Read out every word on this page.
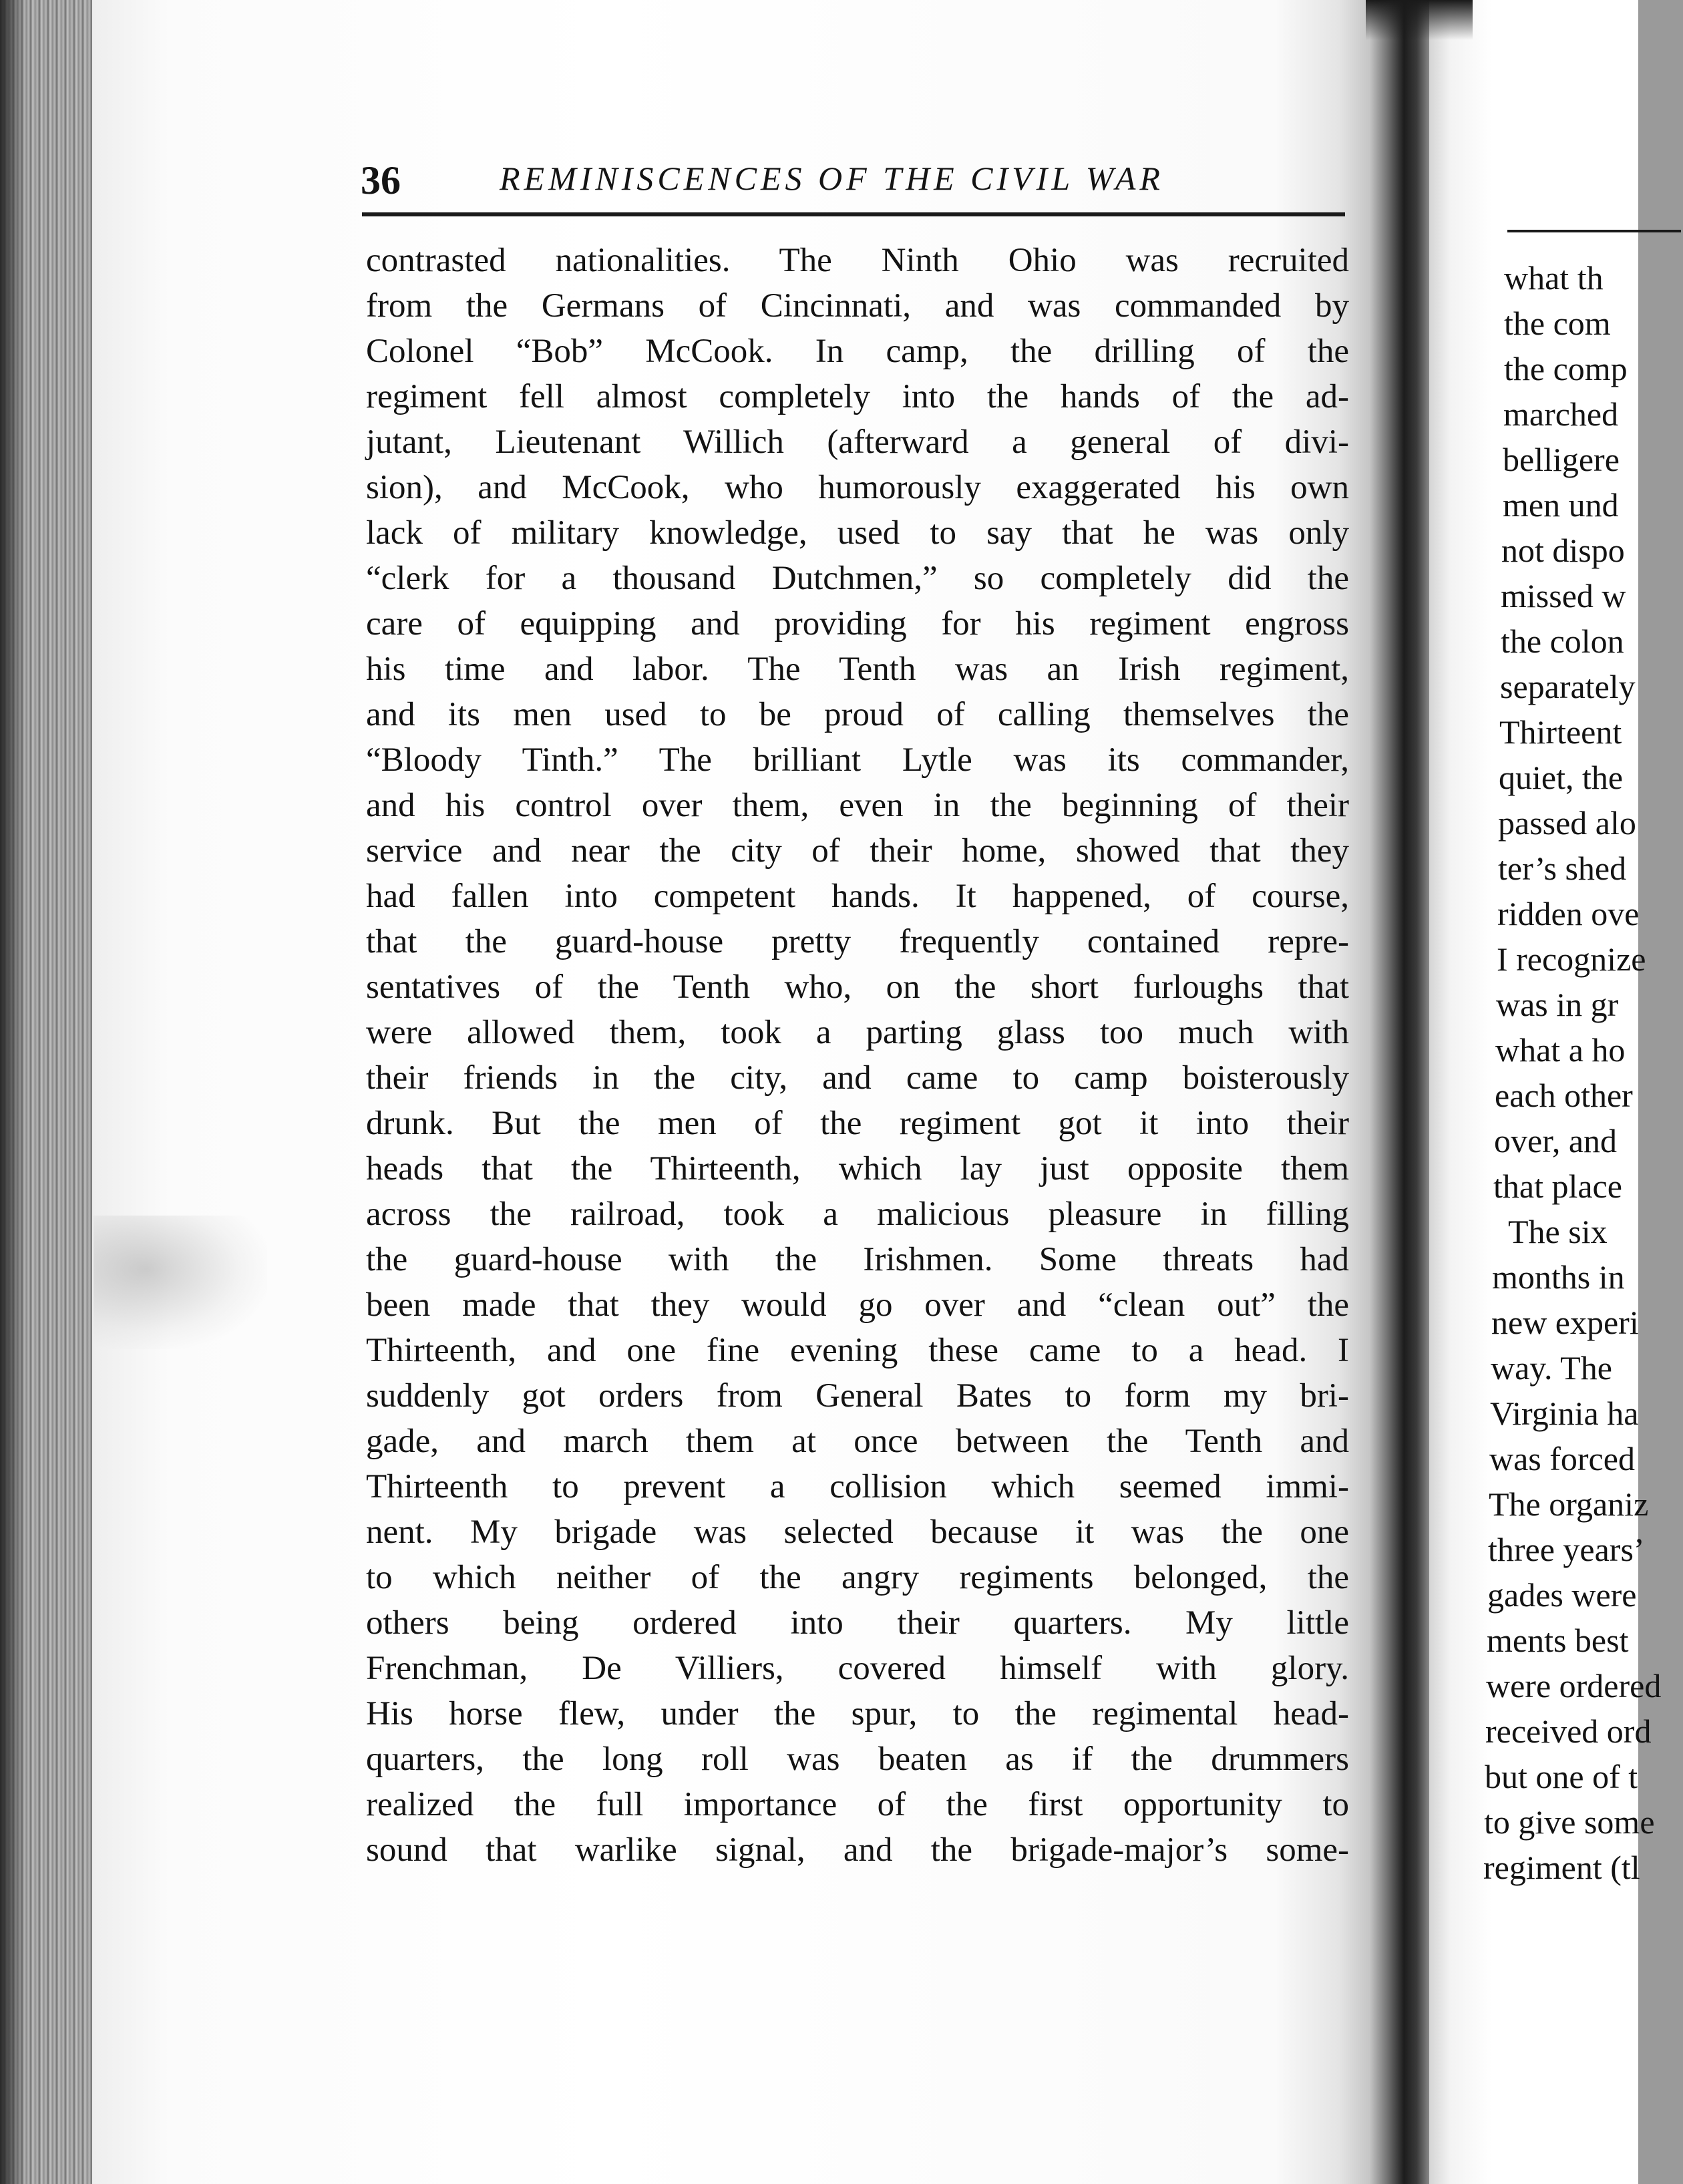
36	REMINISCENCES OF THE CIVIL WAR
contrasted nationalities. The Ninth Ohio was recruited
from the Germans of Cincinnati, and was commanded by
Colonel “Bob” McCook. In camp, the drilling of the
regiment fell almost completely into the hands of the ad-
jutant, Lieutenant Willich (afterward a general of divi-
sion), and McCook, who humorously exaggerated his own
lack of military knowledge, used to say that he was only
“clerk for a thousand Dutchmen,” so completely did the
care of equipping and providing for his regiment engross
his time and labor. The Tenth was an Irish regiment,
and its men used to be proud of calling themselves the
“Bloody Tinth.” The brilliant Lytle was its commander,
and his control over them, even in the beginning of their
service and near the city of their home, showed that they
had fallen into competent hands. It happened, of course,
that the guard-house pretty frequently contained repre-
sentatives of the Tenth who, on the short furloughs that
were allowed them, took a parting glass too much with
their friends in the city, and came to camp boisterously
drunk. But the men of the regiment got it into their
heads that the Thirteenth, which lay just opposite them
across the railroad, took a malicious pleasure in filling
the guard-house with the Irishmen. Some threats had
been made that they would go over and “clean out” the
Thirteenth, and one fine evening these came to a head. I
suddenly got orders from General Bates to form my bri-
gade, and march them at once between the Tenth and
Thirteenth to prevent a collision which seemed immi-
nent. My brigade was selected because it was the one
to which neither of the angry regiments belonged, the
others being ordered into their quarters. My little
Frenchman, De Villiers, covered himself with glory.
His horse flew, under the spur, to the regimental head-
quarters, the long roll was beaten as if the drummers
realized the full importance of the first opportunity to
sound that warlike signal, and the brigade-major’s some-
what th
the com
the comp
marched
belligere
men und
not dispo
missed w
the colon
separately
Thirteent
quiet, the
passed alo
ter’s shed
ridden ove
I recognize
was in gr
what a ho
each other
over, and
that place
The six
months in
new experi
way. The
Virginia ha
was forced
The organiz
three years’
gades were
ments best
were ordered
received ord
but one of t
to give some
regiment (tl
